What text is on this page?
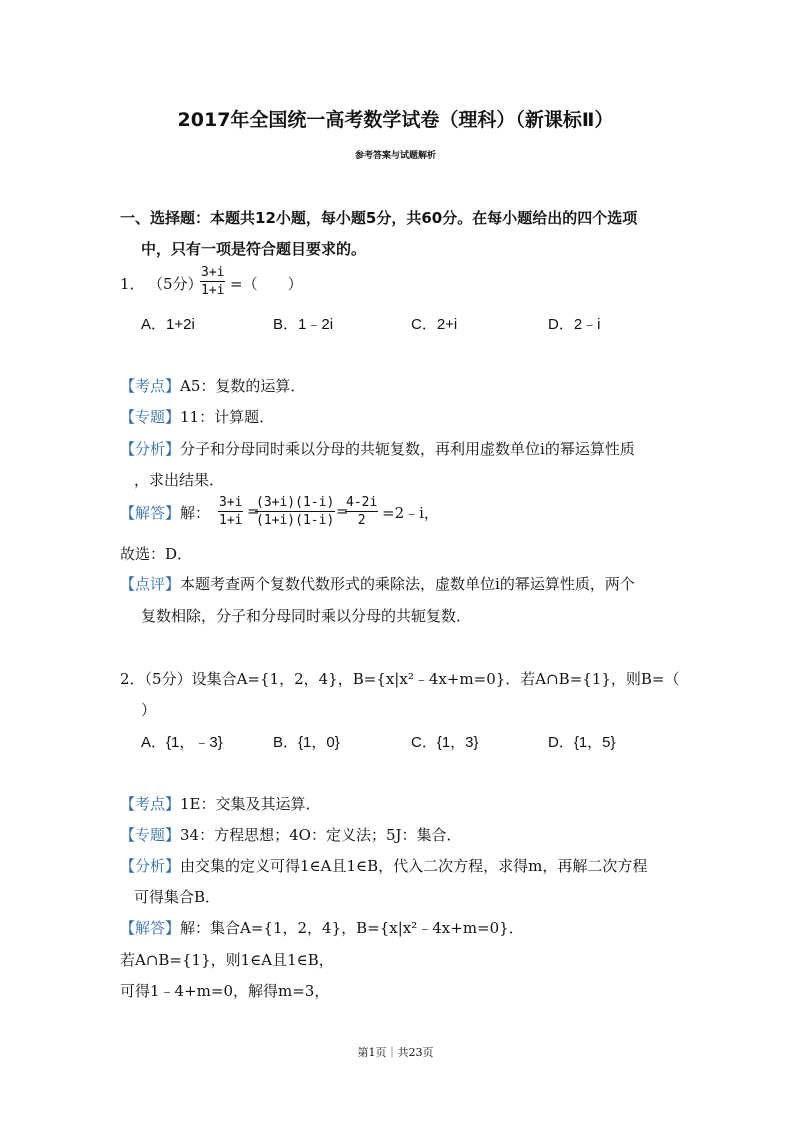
2017年全国统一高考数学试卷（理科）（新课标Ⅱ）
参考答案与试题解析
一、选择题：本题共12小题，每小题5分，共60分。在每小题给出的四个选项
中，只有一项是符合题目要求的。
1． （5分）
$\frac{3+i}{1+i}$ =（　　）
A．1+2i	B．1﹣2i	C．2+i	D．2﹣i
【考点】A5：复数的运算．
【专题】11：计算题．
【分析】分子和分母同时乘以分母的共轭复数，再利用虚数单位i的幂运算性质
，求出结果．
【解答】解： $\frac{3+i}{1+i}$ =
$\frac{(3+i)(1-i)}{(1+i)(1-i)}$ =
$\frac{4-2i}{2}$ =2﹣i，
故选：D．
【点评】本题考查两个复数代数形式的乘除法，虚数单位i的幂运算性质，两个
复数相除，分子和分母同时乘以分母的共轭复数．
2．（5分）设集合A={1，2，4}，B={x|x²﹣4x+m=0}．若A∩B={1}，则B=（
）
A．{1，﹣3}	B．{1，0}	C．{1，3}	D．{1，5}
【考点】1E：交集及其运算．
【专题】34：方程思想；4O：定义法；5J：集合．
【分析】由交集的定义可得1∈A且1∈B，代入二次方程，求得m，再解二次方程
可得集合B．
【解答】解：集合A={1，2，4}，B={x|x²﹣4x+m=0}．
若A∩B={1}，则1∈A且1∈B，
可得1﹣4+m=0，解得m=3，
第1页｜共23页
